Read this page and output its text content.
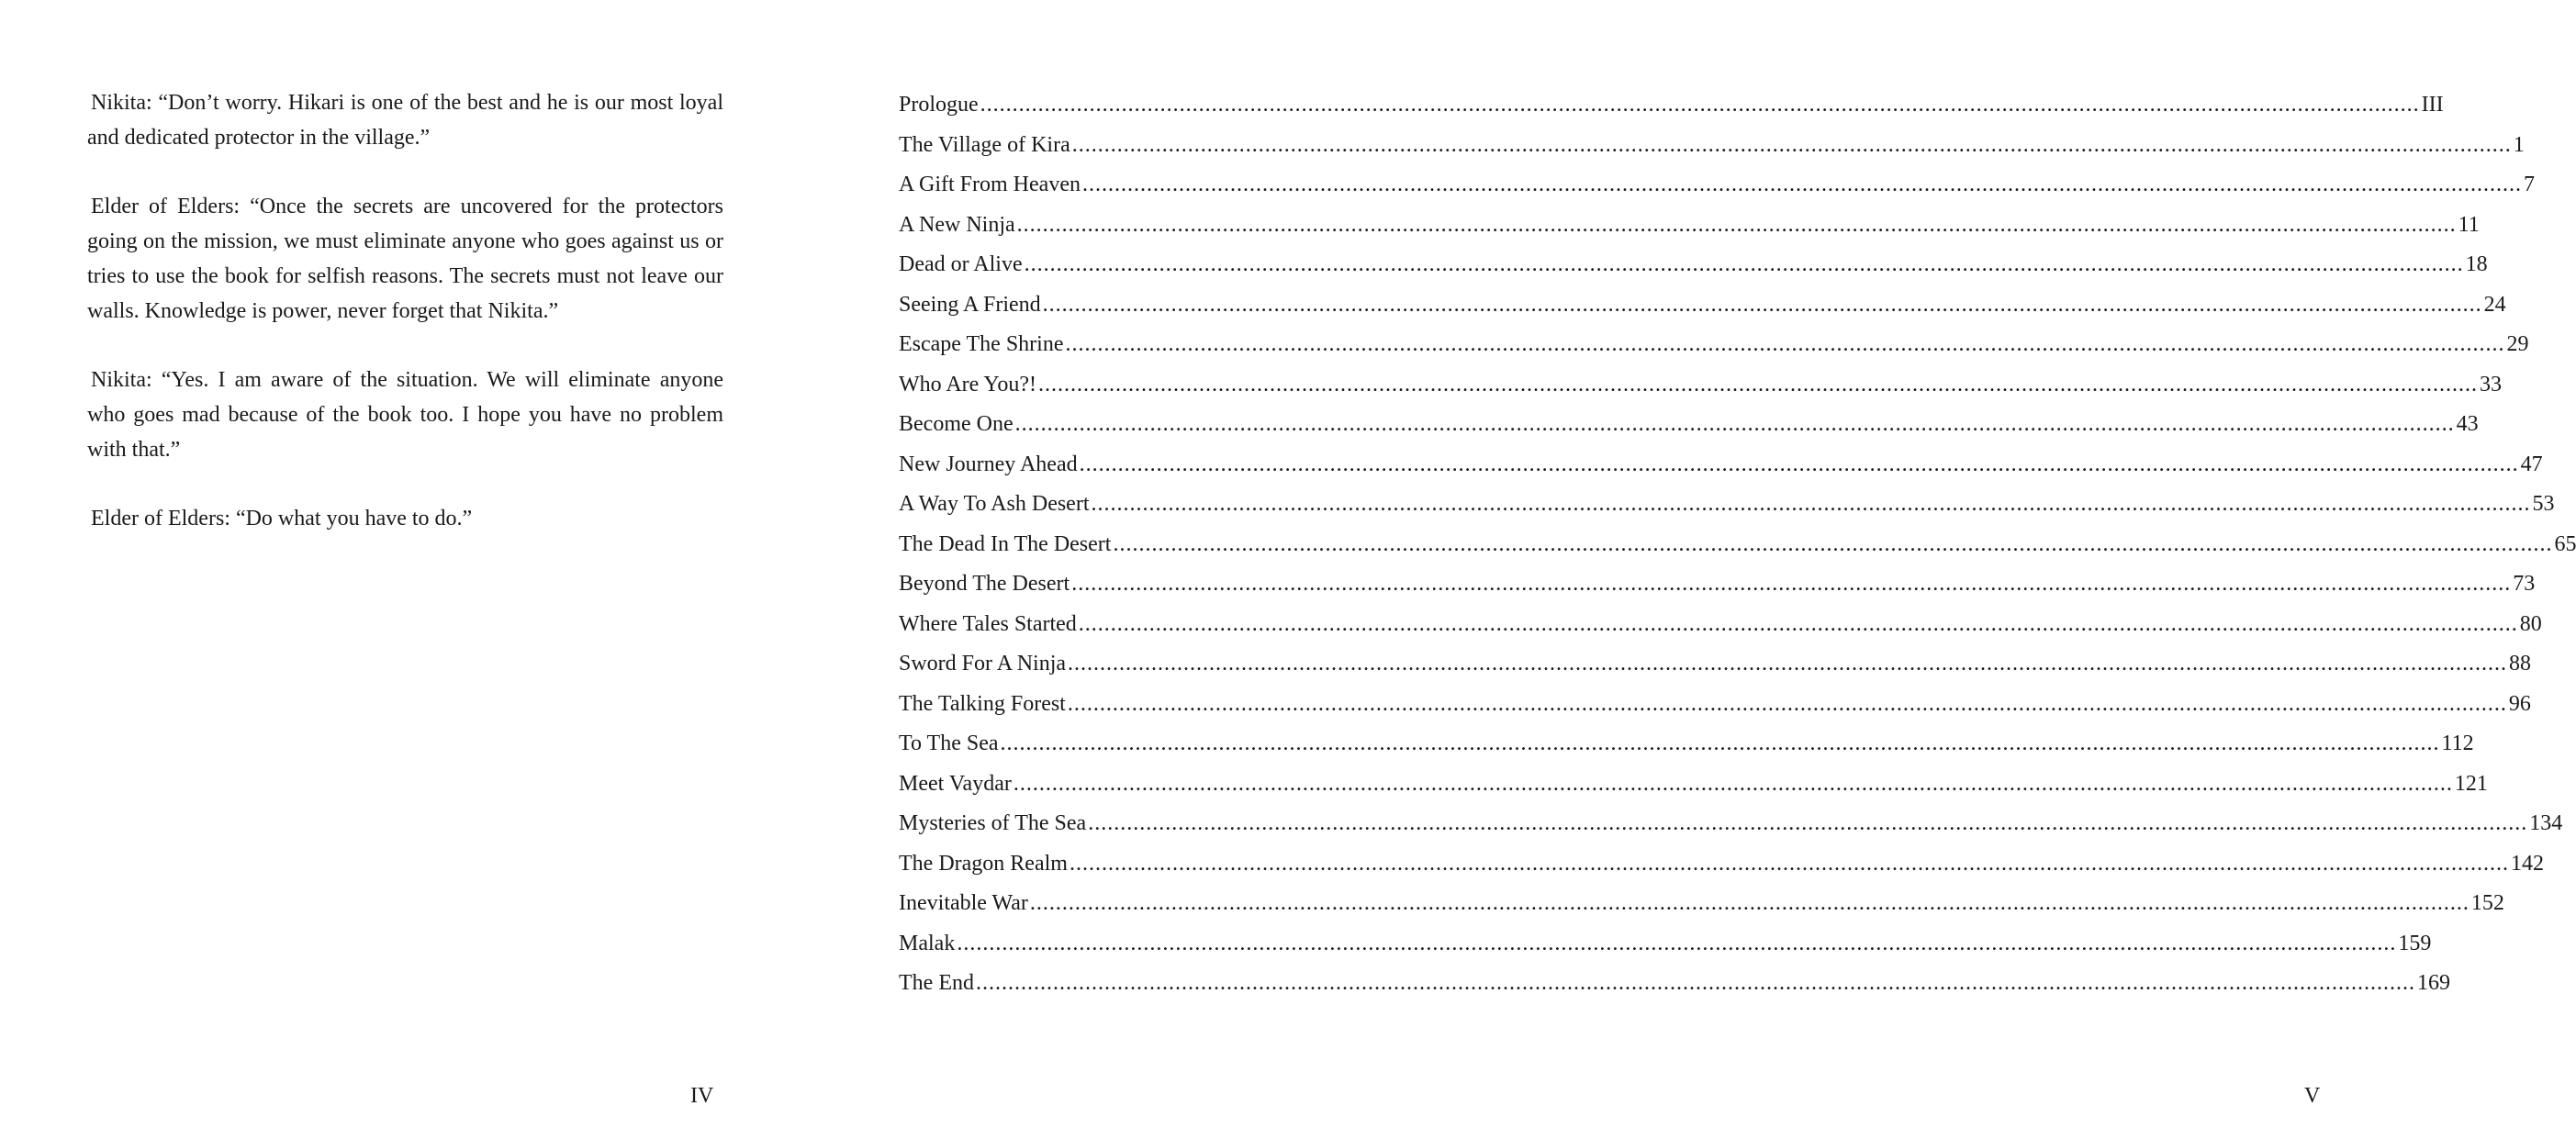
Nikita: “Don’t worry. Hikari is one of the best and he is our most loyal and dedicated protector in the village.”

Elder of Elders: “Once the secrets are uncovered for the protectors going on the mission, we must eliminate anyone who goes against us or tries to use the book for selfish reasons. The secrets must not leave our walls. Knowledge is power, never forget that Nikita.”

Nikita: “Yes. I am aware of the situation. We will eliminate anyone who goes mad because of the book too. I hope you have no problem with that.”

Elder of Elders: “Do what you have to do.”

IV
Prologue .....	III
The Village of Kira .....	1
A Gift From Heaven .....	7
A New Ninja .....	11
Dead or Alive .....	18
Seeing A Friend .....	24
Escape The Shrine .....	29
Who Are You?! .....	33
Become One .....	43
New Journey Ahead .....	47
A Way To Ash Desert .....	53
The Dead In The Desert .....	65
Beyond The Desert .....	73
Where Tales Started .....	80
Sword For A Ninja .....	88
The Talking Forest .....	96
To The Sea .....	112
Meet Vaydar .....	121
Mysteries of The Sea .....	134
The Dragon Realm .....	142
Inevitable War .....	152
Malak .....	159
The End .....	169
V
